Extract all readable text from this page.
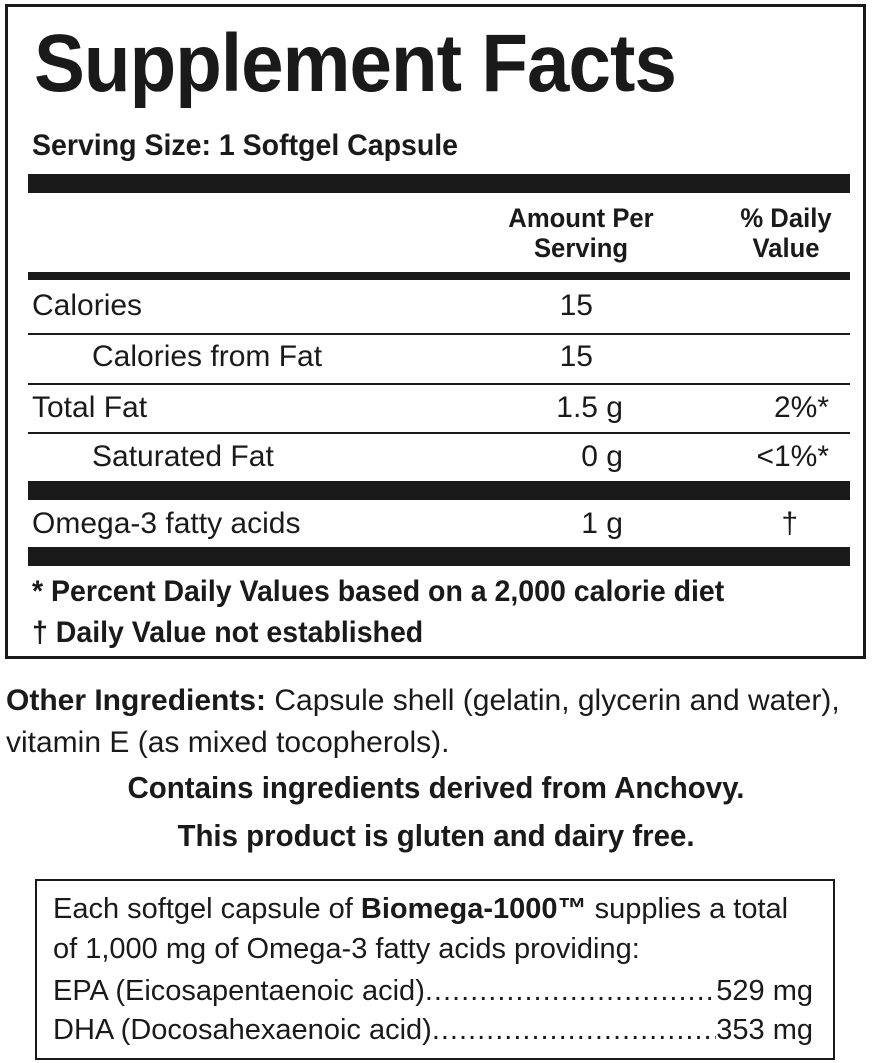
Supplement Facts
Serving Size: 1 Softgel Capsule
Amount Per
Serving
% Daily
Value
Calories	15
Calories from Fat	15
Total Fat	1.5 g	2%*
Saturated Fat	0 g	<1%*
Omega-3 fatty acids	1 g	†
* Percent Daily Values based on a 2,000 calorie diet
† Daily Value not established
Other Ingredients: Capsule shell (gelatin, glycerin and water), vitamin E (as mixed tocopherols).
Contains ingredients derived from Anchovy.
This product is gluten and dairy free.
Each softgel capsule of Biomega-1000™ supplies a total
of 1,000 mg of Omega-3 fatty acids providing:
EPA (Eicosapentaenoic acid) .....	529 mg
DHA (Docosahexaenoic acid) .....	353 mg
